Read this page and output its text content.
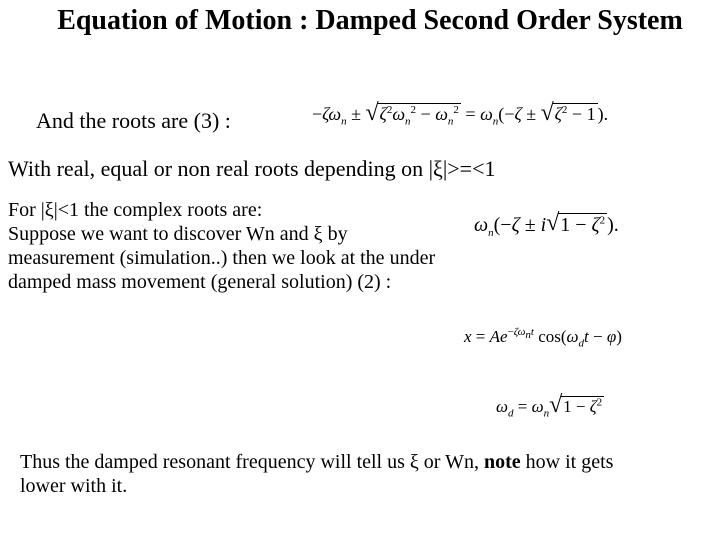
Equation of Motion : Damped Second Order System
And the roots are (3) :	$-\zeta\omega_n$ ± √ $\zeta^2\omega_n^2 - \omega_n^2 = \omega_n(-\zeta$ ± √ $\zeta^2 - 1$ ).
With real, equal or non real roots depending on |ξ|>=<1
For |ξ|<1 the complex roots are:
Suppose we want to discover Wn and ξ by measurement (simulation..) then we look at the under damped mass movement (general solution) (2) :
$\omega_n(-\zeta \pm i√$ $1 - \zeta^2$ ).
$x = Ae^{-\zeta\omega_nt}$ $\cos(\omega_dt - \varphi)$
$\omega_d = \omega_n√$ $1 - \zeta^2$
Thus the damped resonant frequency will tell us ξ or Wn, note how it gets lower with it.
